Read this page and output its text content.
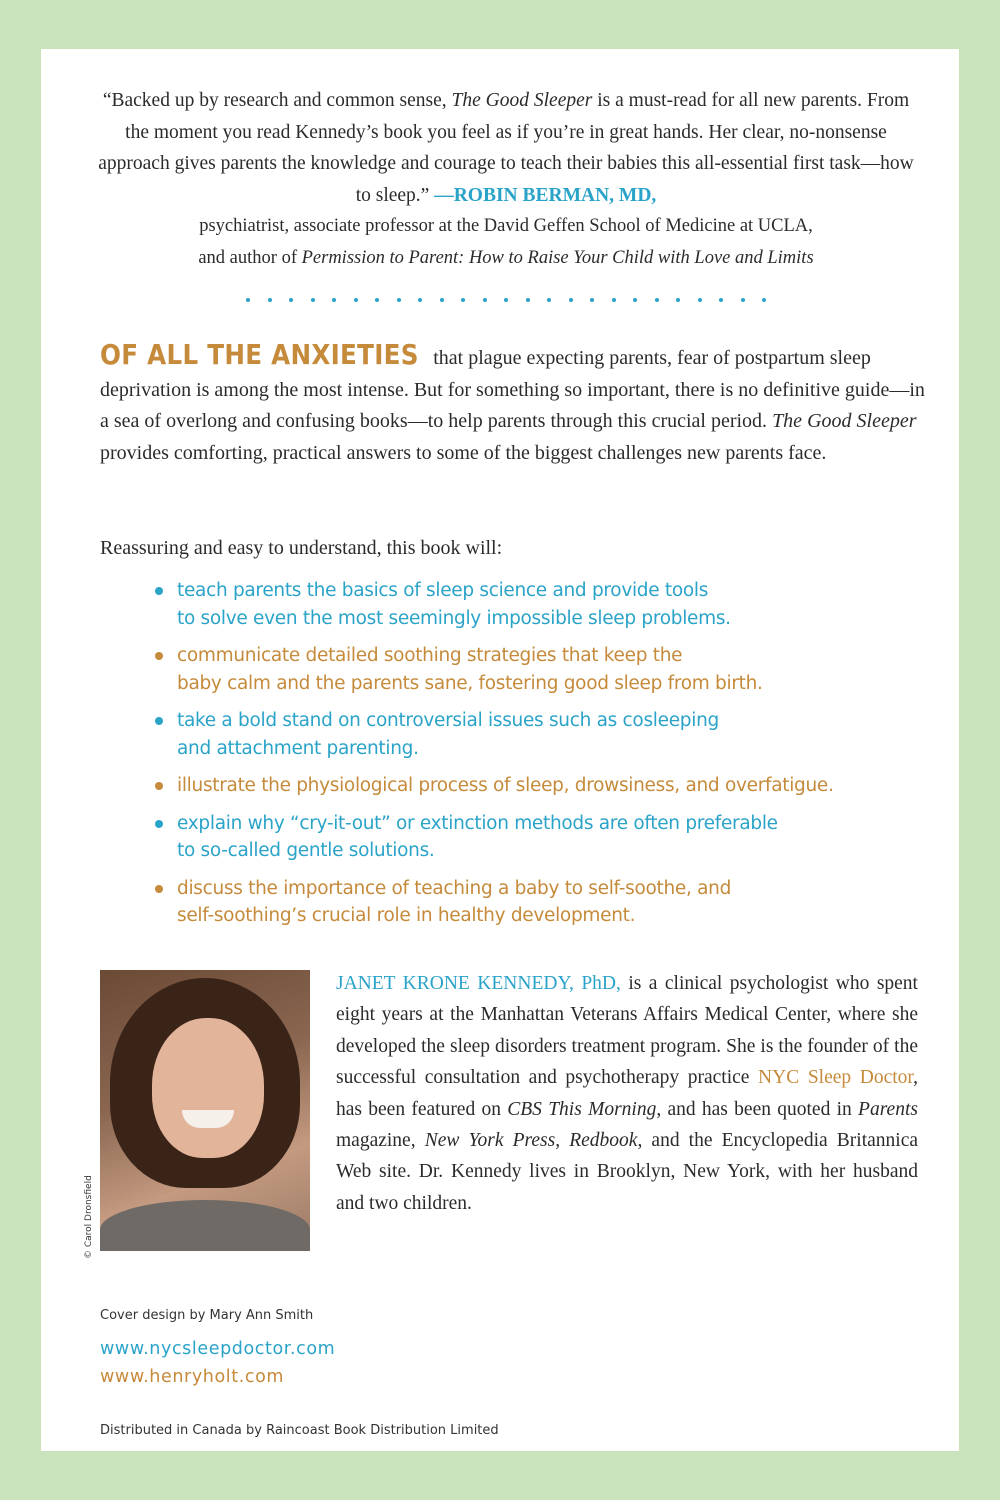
“Backed up by research and common sense, The Good Sleeper is a must-read for all new parents. From the moment you read Kennedy’s book you feel as if you’re in great hands. Her clear, no-nonsense approach gives parents the knowledge and courage to teach their babies this all-essential first task—how to sleep.” —ROBIN BERMAN, MD,
psychiatrist, associate professor at the David Geffen School of Medicine at UCLA,
and author of Permission to Parent: How to Raise Your Child with Love and Limits
OF ALL THE ANXIETIES that plague expecting parents, fear of postpartum sleep deprivation is among the most intense. But for something so important, there is no definitive guide—in a sea of overlong and confusing books—to help parents through this crucial period. The Good Sleeper provides comforting, practical answers to some of the biggest challenges new parents face.
Reassuring and easy to understand, this book will:
teach parents the basics of sleep science and provide tools
to solve even the most seemingly impossible sleep problems.
communicate detailed soothing strategies that keep the
baby calm and the parents sane, fostering good sleep from birth.
take a bold stand on controversial issues such as cosleeping
and attachment parenting.
illustrate the physiological process of sleep, drowsiness, and overfatigue.
explain why “cry-it-out” or extinction methods are often preferable
to so-called gentle solutions.
discuss the importance of teaching a baby to self-soothe, and
self-soothing’s crucial role in healthy development.
© Carol Dronsfield
JANET KRONE KENNEDY, PhD, is a clinical psychologist who spent eight years at the Manhattan Veterans Affairs Medical Center, where she developed the sleep disorders treatment program. She is the founder of the successful consultation and psychotherapy practice NYC Sleep Doctor, has been featured on CBS This Morning, and has been quoted in Parents magazine, New York Press, Redbook, and the Encyclopedia Britannica Web site. Dr. Kennedy lives in Brooklyn, New York, with her husband and two children.
Cover design by Mary Ann Smith
www.nycsleepdoctor.com
www.henryholt.com
Distributed in Canada by Raincoast Book Distribution Limited
